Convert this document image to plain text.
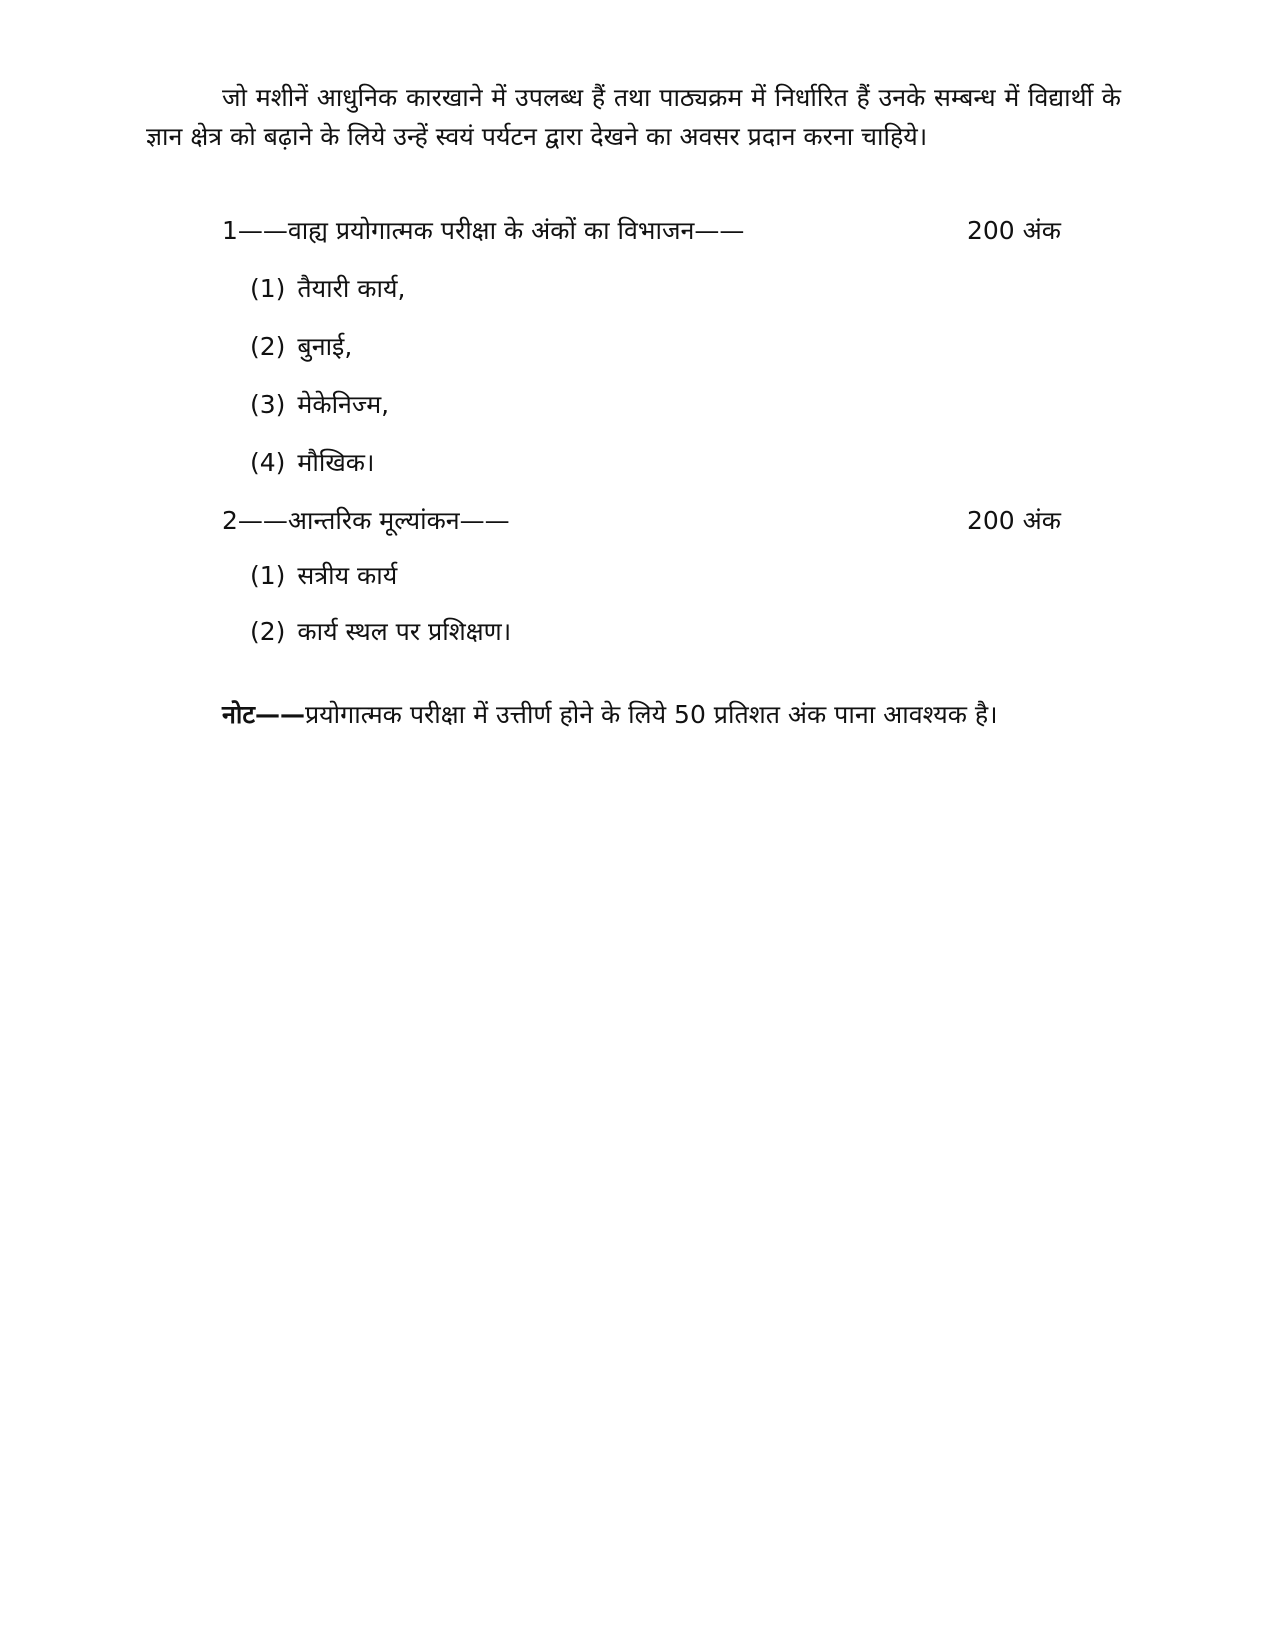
जो मशीनें आधुनिक कारखाने में उपलब्ध हैं तथा पाठ्यक्रम में निर्धारित हैं उनके सम्बन्ध में विद्यार्थी के ज्ञान क्षेत्र को बढ़ाने के लिये उन्हें स्वयं पर्यटन द्वारा देखने का अवसर प्रदान करना चाहिये।

1——वाह्य प्रयोगात्मक परीक्षा के अंकों का विभाजन——	200 अंक
(1) तैयारी कार्य,
(2) बुनाई,
(3) मेकेनिज्म,
(4) मौखिक।
2——आन्तरिक मूल्यांकन——	200 अंक
(1) सत्रीय कार्य
(2) कार्य स्थल पर प्रशिक्षण।
नोट——प्रयोगात्मक परीक्षा में उत्तीर्ण होने के लिये 50 प्रतिशत अंक पाना आवश्यक है।
